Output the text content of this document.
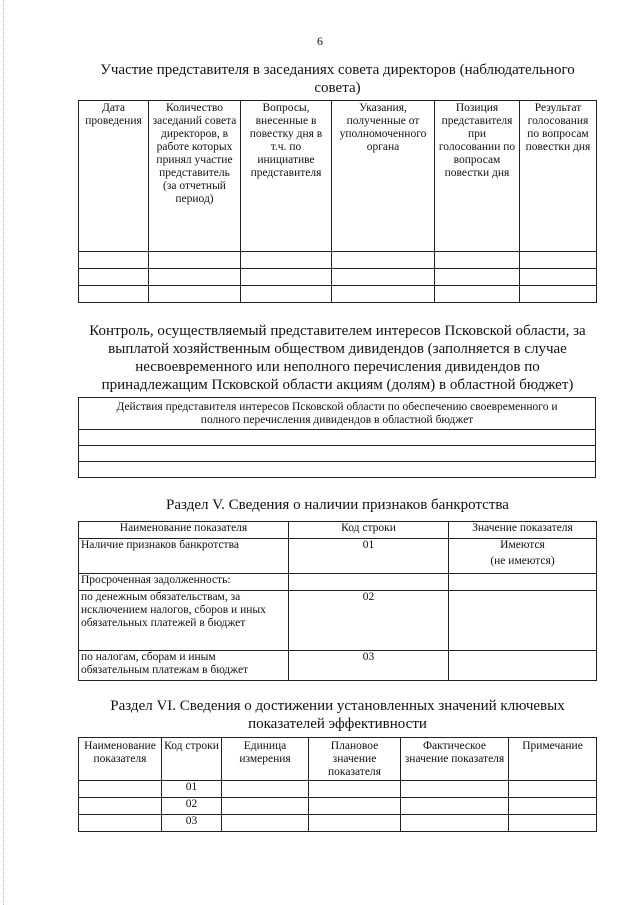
6
Участие представителя в заседаниях совета директоров (наблюдательного
совета)
Дата проведения	Количество заседаний совета директоров, в работе которых принял участие представитель (за отчетный период)	Вопросы, внесенные в повестку дня в т.ч. по инициативе представителя	Указания, полученные от уполномоченного органа	Позиция представителя при голосовании по вопросам повестки дня	Результат голосования по вопросам повестки дня

Контроль, осуществляемый представителем интересов Псковской области, за
выплатой хозяйственным обществом дивидендов (заполняется в случае
несвоевременного или неполного перечисления дивидендов по
принадлежащим Псковской области акциям (долям) в областной бюджет)
Действия представителя интересов Псковской области по обеспечению своевременного и
полного перечисления дивидендов в областной бюджет

Раздел V. Сведения о наличии признаков банкротства
Наименование показателя	Код строки	Значение показателя
Наличие признаков банкротства	01	Имеются
(не имеются)

Просроченная задолженность:		
по денежным обязательствам, за исключением налогов, сборов и иных обязательных платежей в бюджет	02	
по налогам, сборам и иным обязательным платежам в бюджет	03	
Раздел VI. Сведения о достижении установленных значений ключевых
показателей эффективности
Наименование показателя	Код строки	Единица измерения	Плановое значение показателя	Фактическое значение показателя	Примечание
	01				
	02				
	03				
